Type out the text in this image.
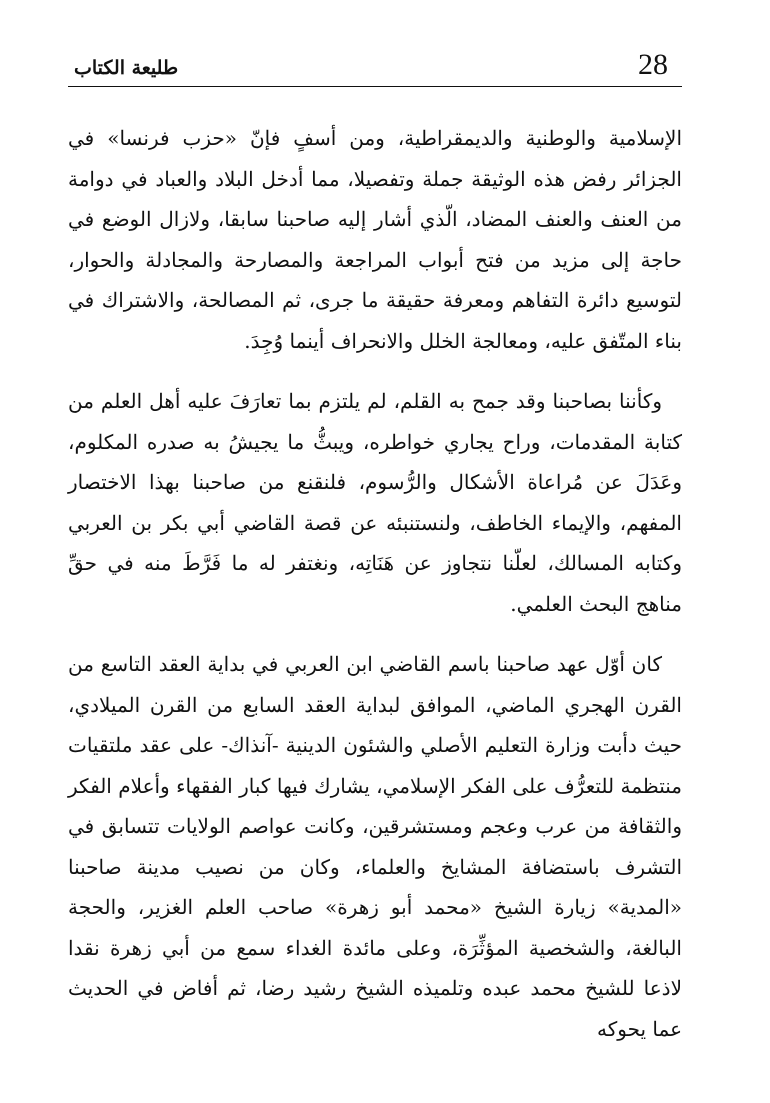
28
طليعة الكتاب

الإسلامية والوطنية والديمقراطية، ومن أسفٍ فإنّ «حزب فرنسا» في الجزائر رفض هذه الوثيقة جملة وتفصيلا، مما أدخل البلاد والعباد في دوامة من العنف والعنف المضاد، الّذي أشار إليه صاحبنا سابقا، ولازال الوضع في حاجة إلى مزيد من فتح أبواب المراجعة والمصارحة والمجادلة والحوار، لتوسيع دائرة التفاهم ومعرفة حقيقة ما جرى، ثم المصالحة، والاشتراك في بناء المتّفق عليه، ومعالجة الخلل والانحراف أينما وُجِدَ.

وكأننا بصاحبنا وقد جمح به القلم، لم يلتزم بما تعارَفَ عليه أهل العلم من كتابة المقدمات، وراح يجاري خواطره، ويبثُّ ما يجيشُ به صدره المكلوم، وعَدَلَ عن مُراعاة الأشكال والرُّسوم، فلنقنع من صاحبنا بهذا الاختصار المفهم، والإيماء الخاطف، ولنستنبئه عن قصة القاضي أبي بكر بن العربي وكتابه المسالك، لعلّنا نتجاوز عن هَنَاتِه، ونغتفر له ما فَرَّطَ منه في حقِّ مناهج البحث العلمي.

كان أوّل عهد صاحبنا باسم القاضي ابن العربي في بداية العقد التاسع من القرن الهجري الماضي، الموافق لبداية العقد السابع من القرن الميلادي، حيث دأبت وزارة التعليم الأصلي والشئون الدينية -آنذاك- على عقد ملتقيات منتظمة للتعرُّف على الفكر الإسلامي، يشارك فيها كبار الفقهاء وأعلام الفكر والثقافة من عرب وعجم ومستشرقين، وكانت عواصم الولايات تتسابق في التشرف باستضافة المشايخ والعلماء، وكان من نصيب مدينة صاحبنا «المدية» زيارة الشيخ «محمد أبو زهرة» صاحب العلم الغزير، والحجة البالغة، والشخصية المؤثِّرَة، وعلى مائدة الغداء سمع من أبي زهرة نقدا لاذعا للشيخ محمد عبده وتلميذه الشيخ رشيد رضا، ثم أفاض في الحديث عما يحوكه
